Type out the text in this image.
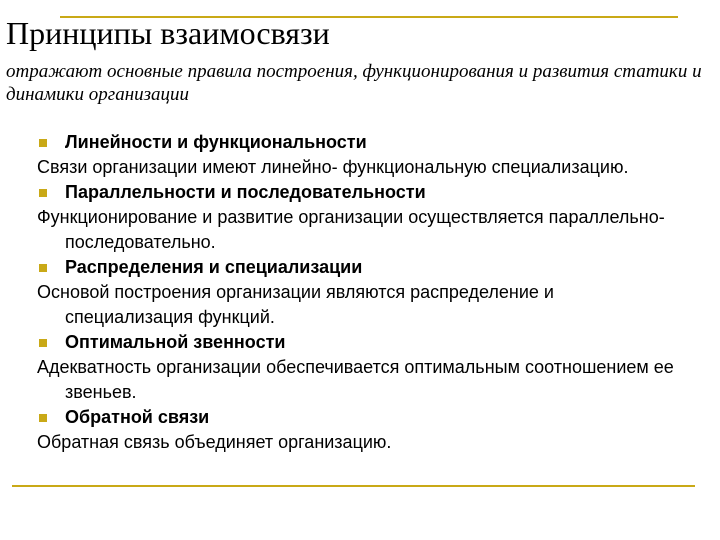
Принципы взаимосвязи
отражают основные правила построения, функционирования и развития статики и динамики организации

Линейности и функциональности

Связи организации имеют линейно- функциональную специализацию.

Параллельности и последовательности

Функционирование и развитие организации осуществляется параллельно-последовательно.

Распределения и специализации

Основой построения организации являются распределение и специализация функций.

Оптимальной звенности

Адекватность организации обеспечивается оптимальным соотношением ее звеньев.

Обратной связи

Обратная связь объединяет организацию.
